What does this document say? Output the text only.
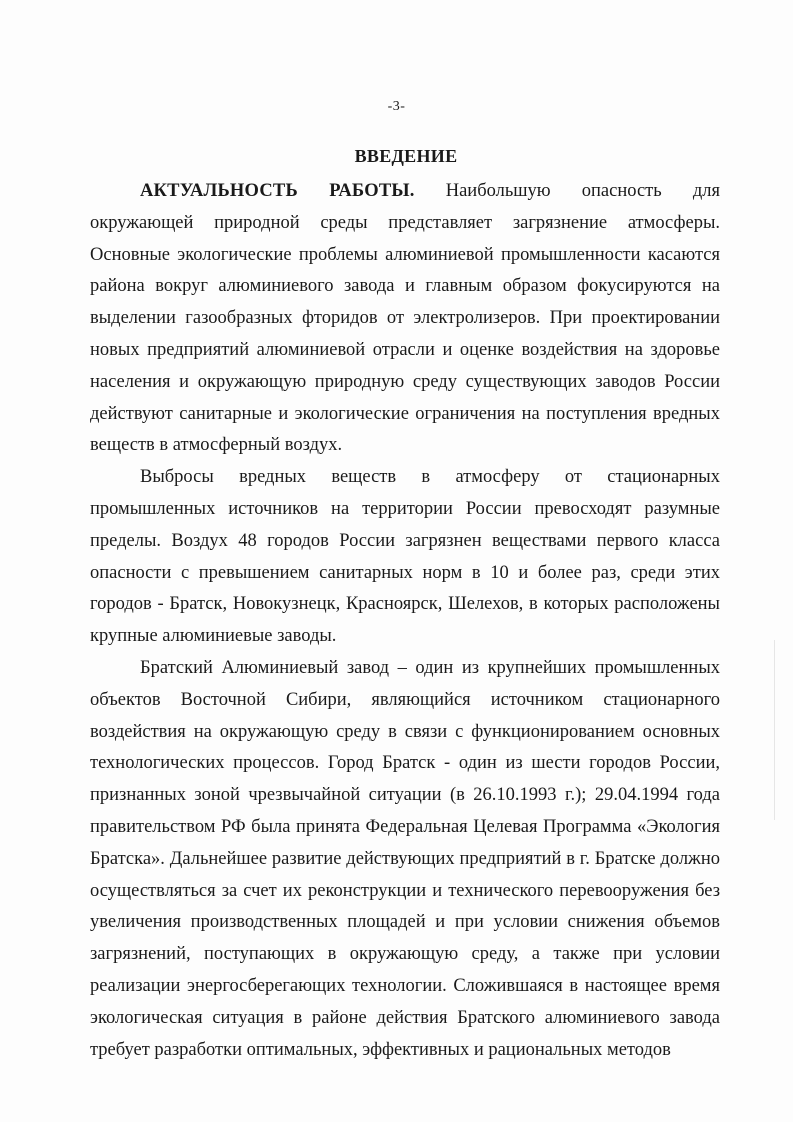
-3-
ВВЕДЕНИЕ

АКТУАЛЬНОСТЬ РАБОТЫ. Наибольшую опасность для окружающей природной среды представляет загрязнение атмосферы. Основные экологические проблемы алюминиевой промышленности касаются района вокруг алюминиевого завода и главным образом фокусируются на выделении газообразных фторидов от электролизеров. При проектировании новых предприятий алюминиевой отрасли и оценке воздействия на здоровье населения и окружающую природную среду существующих заводов России действуют санитарные и экологические ограничения на поступления вредных веществ в атмосферный воздух.

Выбросы вредных веществ в атмосферу от стационарных промышленных источников на территории России превосходят разумные пределы. Воздух 48 городов России загрязнен веществами первого класса опасности с превышением санитарных норм в 10 и более раз, среди этих городов - Братск, Новокузнецк, Красноярск, Шелехов, в которых расположены крупные алюминиевые заводы.

Братский Алюминиевый завод – один из крупнейших промышленных объектов Восточной Сибири, являющийся источником стационарного воздействия на окружающую среду в связи с функционированием основных технологических процессов. Город Братск - один из шести городов России, признанных зоной чрезвычайной ситуации (в 26.10.1993 г.); 29.04.1994 года правительством РФ была принята Федеральная Целевая Программа «Экология Братска». Дальнейшее развитие действующих предприятий в г. Братске должно осуществляться за счет их реконструкции и технического перевооружения без увеличения производственных площадей и при условии снижения объемов загрязнений, поступающих в окружающую среду, а также при условии реализации энергосберегающих технологии. Сложившаяся в настоящее время экологическая ситуация в районе действия Братского алюминиевого завода требует разработки оптимальных, эффективных и рациональных методов
